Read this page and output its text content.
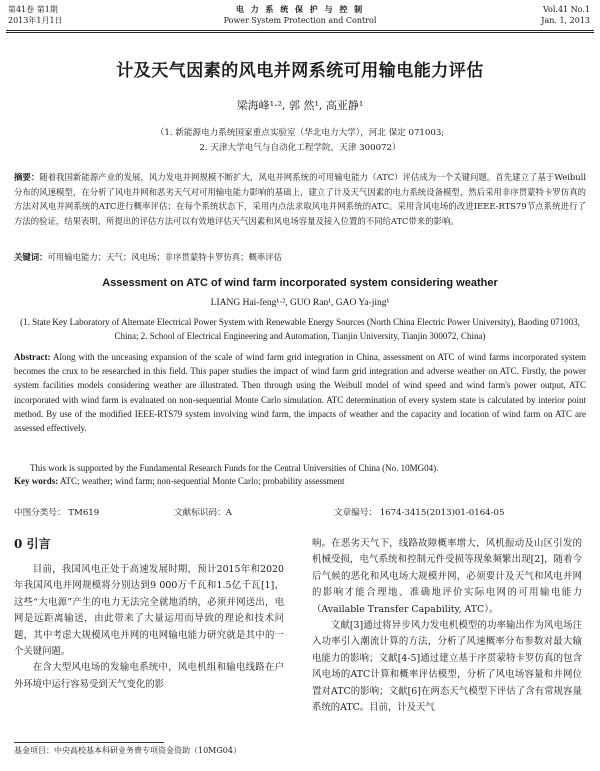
第41卷 第1期
2013年1月1日
电 力 系 统 保 护 与 控 制
Power System Protection and Control
Vol.41 No.1
Jan. 1, 2013
计及天气因素的风电并网系统可用输电能力评估
梁海峰¹·², 郭 然¹, 高亚静¹
（1. 新能源电力系统国家重点实验室（华北电力大学），河北 保定 071003;
2. 天津大学电气与自动化工程学院，天津 300072）
摘要：随着我国新能源产业的发展，风力发电并网规模不断扩大，风电并网系统的可用输电能力（ATC）评估成为一个关键问题。首先建立了基于Weibull分布的风速模型，在分析了风电并网和恶劣天气对可用输电能力影响的基础上，建立了计及天气因素的电力系统设备模型，然后采用非序贯蒙特卡罗仿真的方法对风电并网系统的ATC进行概率评估；在每个系统状态下，采用内点法求取风电并网系统的ATC。采用含风电场的改进IEEE-RTS79节点系统进行了方法的验证，结果表明，所提出的评估方法可以有效地评估天气因素和风电场容量及接入位置的不同给ATC带来的影响。
关键词：可用输电能力；天气；风电场；非序贯蒙特卡罗仿真；概率评估
Assessment on ATC of wind farm incorporated system considering weather
LIANG Hai-feng¹·², GUO Ran¹, GAO Ya-jing¹
(1. State Key Laboratory of Alternate Electrical Power System with Renewable Energy Sources (North China Electric Power University), Baoding 071003, China; 2. School of Electrical Engineering and Automation, Tianjin University, Tianjin 300072, China)
Abstract: Along with the unceasing expansion of the scale of wind farm grid integration in China, assessment on ATC of wind farms incorporated system becomes the crux to be researched in this field. This paper studies the impact of wind farm grid integration and adverse weather on ATC. Firstly, the power system facilities models considering weather are illustrated. Then through using the Weibull model of wind speed and wind farm's power output, ATC incorporated with wind farm is evaluated on non-sequential Monte Carlo simulation. ATC determination of every system state is calculated by interior point method. By use of the modified IEEE-RTS79 system involving wind farm, the impacts of weather and the capacity and location of wind farm on ATC are assessed effectively.
This work is supported by the Fundamental Research Funds for the Central Universities of China (No. 10MG04).
Key words: ATC; weather; wind farm; non-sequential Monte Carlo; probability assessment
中图分类号： TM619	文献标识码：A	文章编号： 1674-3415(2013)01-0164-05
0 引言

目前，我国风电正处于高速发展时期，预计2015年和2020年我国风电并网规模将分别达到9 000万千瓦和1.5亿千瓦[1]，这些“大电源”产生的电力无法完全就地消纳，必须并网送出，电网是远距离输送，由此带来了大量运用而导致的理论和技术问题，其中考虑大规模风电并网的电网输电能力研究就是其中的一个关键问题。

在含大型风电场的发输电系统中，风电机组和输电线路在户外环境中运行容易受到天气变化的影

响。在恶劣天气下，线路故障概率增大，风机振动及山区引发的机械受损，电气系统和控制元件受损等现象频繁出现[2]，随着今后气候的恶化和风电场大规模并网，必须要计及天气和风电并网的影响才能合理地、准确地评价实际电网的可用输电能力（Available Transfer Capability, ATC）。

文献[3]通过将异步风力发电机模型的功率输出作为风电场注入功率引入潮流计算的方法，分析了风速概率分布参数对最大输电能力的影响；文献[4-5]通过建立基于序贯蒙特卡罗仿真的包含风电场的ATC计算和概率评估模型，分析了风电场容量和并网位置对ATC的影响；文献[6]在两态天气模型下评估了含有常规容量系统的ATC。目前，计及天气

基金项目：中央高校基本科研业务费专项资金资助（10MG04）
